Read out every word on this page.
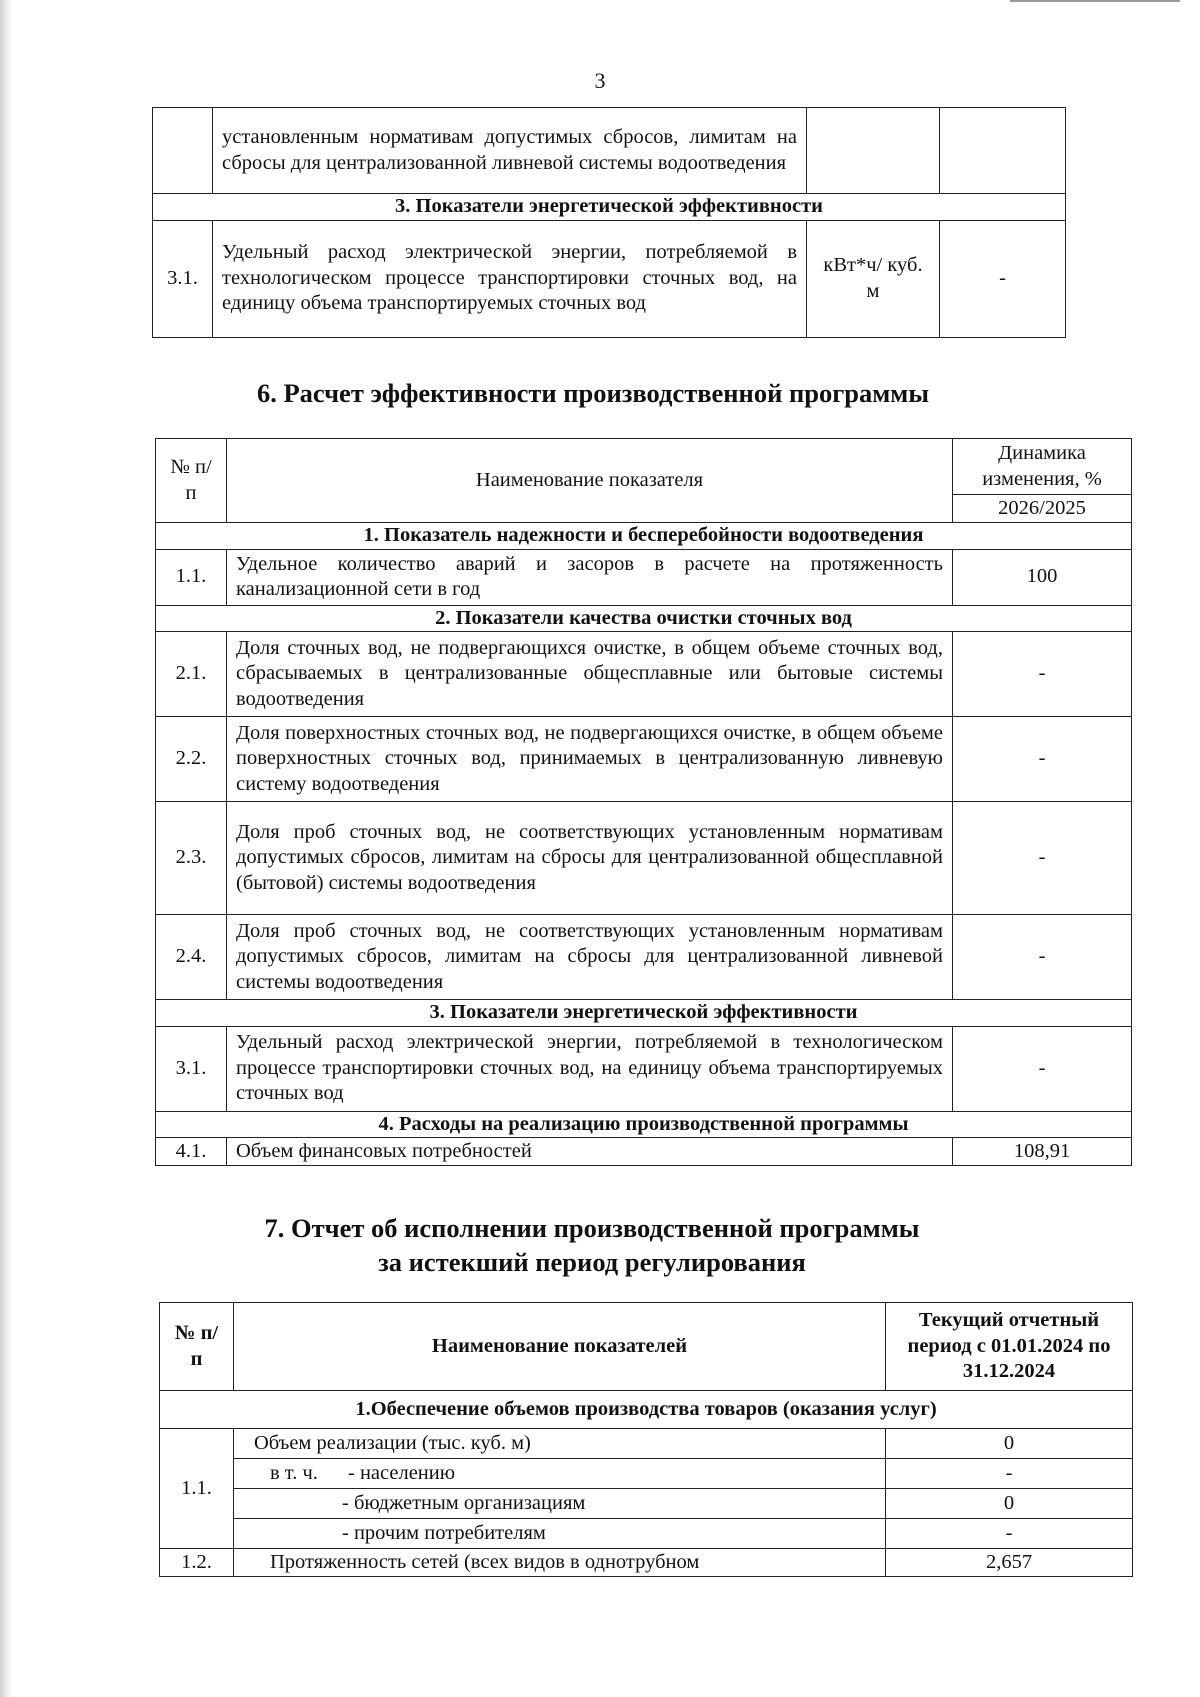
3
	установленным нормативам допустимых сбросов, лимитам на сбросы для централизованной ливневой системы водоотведения		
3. Показатели энергетической эффективности			
3.1.	Удельный расход электрической энергии, потребляемой в технологическом процессе транспортировки сточных вод, на единицу объема транспортируемых сточных вод	кВт*ч/ куб. м	-
6. Расчет эффективности производственной программы
№ п/п	Наименование показателя	Динамика изменения, %
		2026/2025
1. Показатель надежности и бесперебойности водоотведения		
1.1.	Удельное количество аварий и засоров в расчете на протяженность канализационной сети в год	100
2. Показатели качества очистки сточных вод		
2.1.	Доля сточных вод, не подвергающихся очистке, в общем объеме сточных вод, сбрасываемых в централизованные общесплавные или бытовые системы водоотведения	-
2.2.	Доля поверхностных сточных вод, не подвергающихся очистке, в общем объеме поверхностных сточных вод, принимаемых в централизованную ливневую систему водоотведения	-
2.3.	Доля проб сточных вод, не соответствующих установленным нормативам допустимых сбросов, лимитам на сбросы для централизованной общесплавной (бытовой) системы водоотведения	-
2.4.	Доля проб сточных вод, не соответствующих установленным нормативам допустимых сбросов, лимитам на сбросы для централизованной ливневой системы водоотведения	-
3. Показатели энергетической эффективности		
3.1.	Удельный расход электрической энергии, потребляемой в технологическом процессе транспортировки сточных вод, на единицу объема транспортируемых сточных вод	-
4. Расходы на реализацию производственной программы		
4.1.	Объем финансовых потребностей	108,91
7. Отчет об исполнении производственной программы
за истекший период регулирования
№ п/п	Наименование показателей	Текущий отчетный период с 01.01.2024 по 31.12.2024
1.Обеспечение объемов производства товаров (оказания услуг)		
1.1.	Объем реализации (тыс. куб. м)	0
	в т. ч. - населению	-
	- бюджетным организациям	0
	- прочим потребителям	-
1.2.	Протяженность сетей (всех видов в однотрубном	2,657
